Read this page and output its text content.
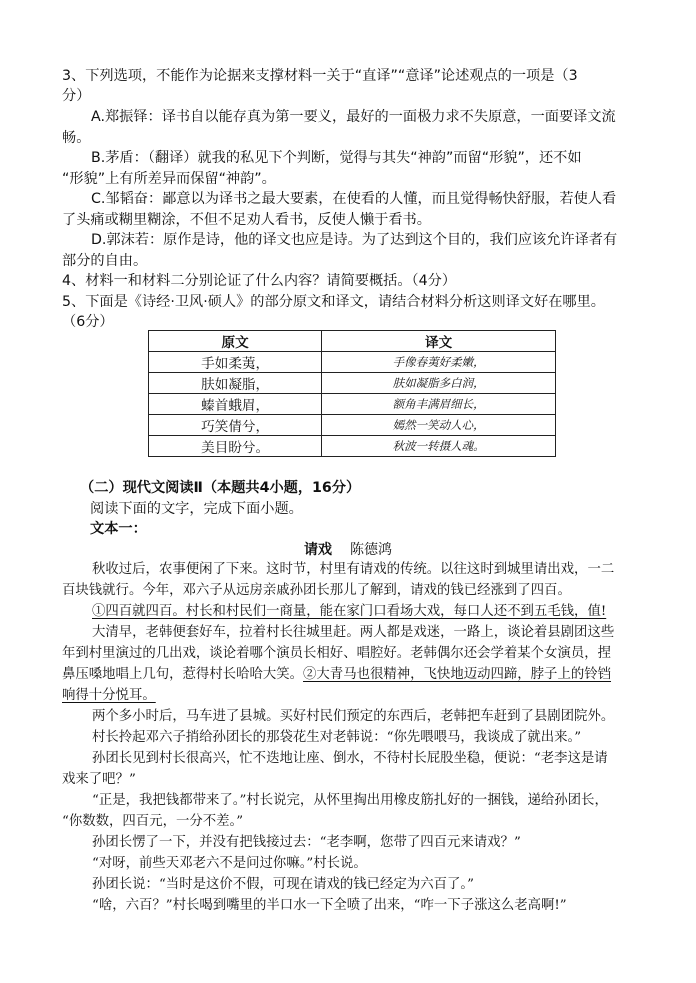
3、下列选项，不能作为论据来支撑材料一关于“直译”“意译”论述观点的一项是（3
分）
A.郑振铎：译书自以能存真为第一要义，最好的一面极力求不失原意，一面要译文流
畅。
B.茅盾：（翻译）就我的私见下个判断，觉得与其失“神韵”而留“形貌”，还不如
“形貌”上有所差异而保留“神韵”。
C.邹韬奋：鄙意以为译书之最大要素，在使看的人懂，而且觉得畅快舒服，若使人看
了头痛或糊里糊涂，不但不足劝人看书，反使人懒于看书。
D.郭沫若：原作是诗，他的译文也应是诗。为了达到这个目的，我们应该允许译者有
部分的自由。
4、材料一和材料二分别论证了什么内容？请简要概括。（4分）
5、下面是《诗经·卫风·硕人》的部分原文和译文，请结合材料分析这则译文好在哪里。
（6分）
原文	译文
手如柔荑，	手像春荑好柔嫩，
肤如凝脂，	肤如凝脂多白润，
螓首蛾眉，	额角丰满眉细长，
巧笑倩兮，	嫣然一笑动人心，
美目盼兮。	秋波一转摄人魂。
（二）现代文阅读Ⅱ（本题共4小题，16分）
阅读下面的文字，完成下面小题。
文本一：
请戏 陈德鸿
秋收过后，农事便闲了下来。这时节，村里有请戏的传统。以往这时到城里请出戏，一二
百块钱就行。今年，邓六子从远房亲戚孙团长那儿了解到，请戏的钱已经涨到了四百。
①四百就四百。村长和村民们一商量，能在家门口看场大戏，每口人还不到五毛钱，值!
大清早，老韩便套好车，拉着村长往城里赶。两人都是戏迷，一路上，谈论着县剧团这些
年到村里演过的几出戏，谈论着哪个演员长相好、唱腔好。老韩偶尔还会学着某个女演员，捏
鼻压嗓地唱上几句，惹得村长哈哈大笑。②大青马也很精神，飞快地迈动四蹄，脖子上的铃铛
响得十分悦耳。
两个多小时后，马车进了县城。买好村民们预定的东西后，老韩把车赶到了县剧团院外。
村长拎起邓六子捎给孙团长的那袋花生对老韩说：“你先喂喂马，我谈成了就出来。”
孙团长见到村长很高兴，忙不迭地让座、倒水，不待村长屁股坐稳，便说：“老李这是请
戏来了吧？”
“正是，我把钱都带来了。”村长说完，从怀里掏出用橡皮筋扎好的一捆钱，递给孙团长，
“你数数，四百元，一分不差。”
孙团长愣了一下，并没有把钱接过去：“老李啊，您带了四百元来请戏？”
“对呀，前些天邓老六不是问过你嘛。”村长说。
孙团长说：“当时是这价不假，可现在请戏的钱已经定为六百了。”
“啥，六百？”村长喝到嘴里的半口水一下全喷了出来，“咋一下子涨这么老高啊!”
